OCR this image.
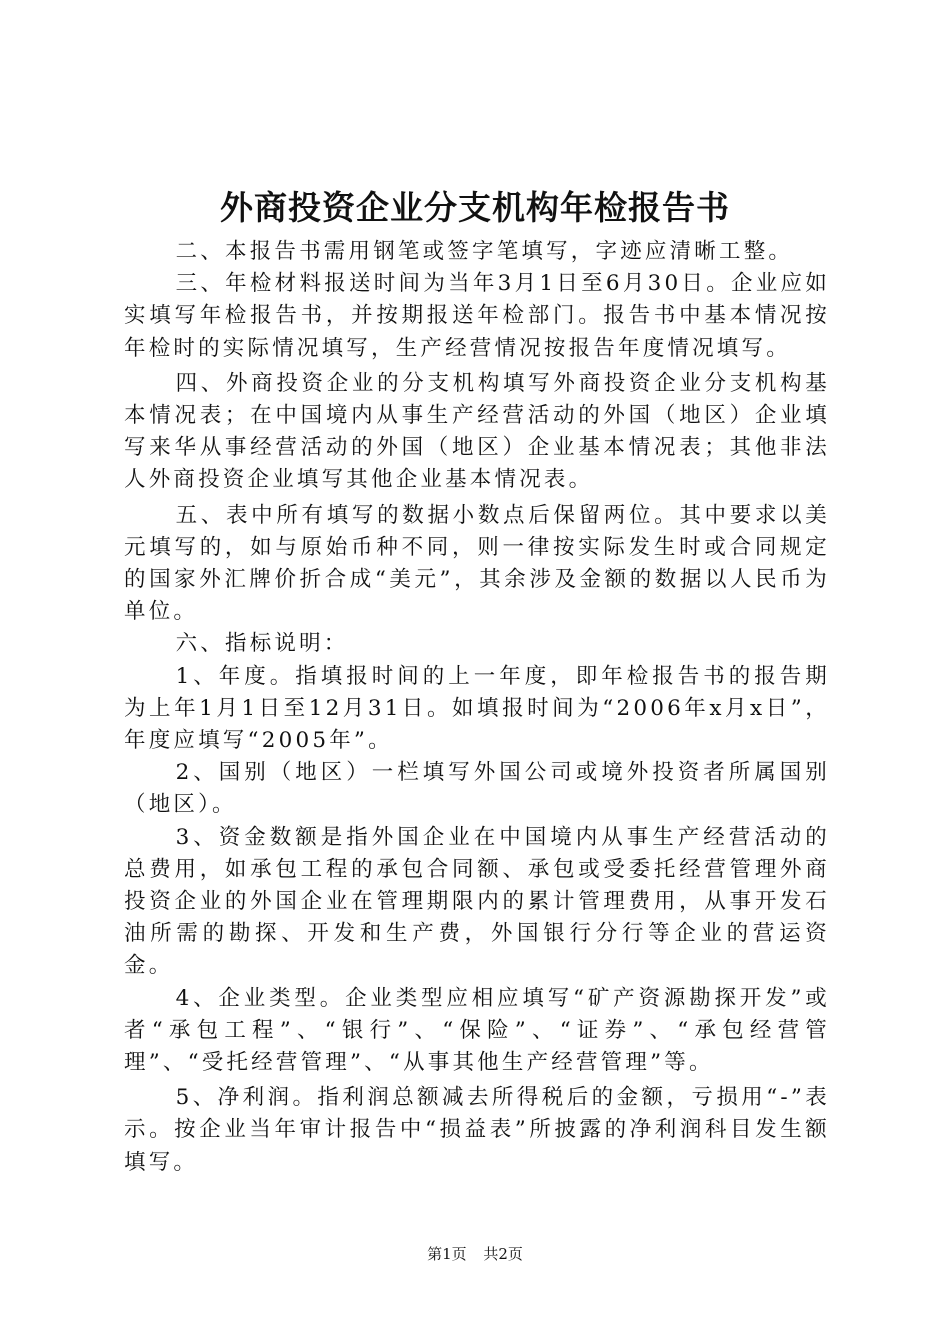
外商投资企业分支机构年检报告书

二、本报告书需用钢笔或签字笔填写，字迹应清晰工整。

三、年检材料报送时间为当年3月1日至6月30日。企业应如实填写年检报告书，并按期报送年检部门。报告书中基本情况按年检时的实际情况填写，生产经营情况按报告年度情况填写。

四、外商投资企业的分支机构填写外商投资企业分支机构基本情况表；在中国境内从事生产经营活动的外国（地区）企业填写来华从事经营活动的外国（地区）企业基本情况表；其他非法人外商投资企业填写其他企业基本情况表。

五、表中所有填写的数据小数点后保留两位。其中要求以美元填写的，如与原始币种不同，则一律按实际发生时或合同规定的国家外汇牌价折合成“美元”，其余涉及金额的数据以人民币为单位。

六、指标说明：

1、年度。指填报时间的上一年度，即年检报告书的报告期为上年1月1日至12月31日。如填报时间为“2006年x月x日”，年度应填写“2005年”。

2、国别（地区）一栏填写外国公司或境外投资者所属国别（地区）。

3、资金数额是指外国企业在中国境内从事生产经营活动的总费用，如承包工程的承包合同额、承包或受委托经营管理外商投资企业的外国企业在管理期限内的累计管理费用，从事开发石油所需的勘探、开发和生产费，外国银行分行等企业的营运资金。

4、企业类型。企业类型应相应填写“矿产资源勘探开发”或者“承包工程”、“银行”、“保险”、“证券”、“承包经营管理”、“受托经营管理”、“从事其他生产经营管理”等。

5、净利润。指利润总额减去所得税后的金额，亏损用“-”表示。按企业当年审计报告中“损益表”所披露的净利润科目发生额填写。

第1页 共2页
